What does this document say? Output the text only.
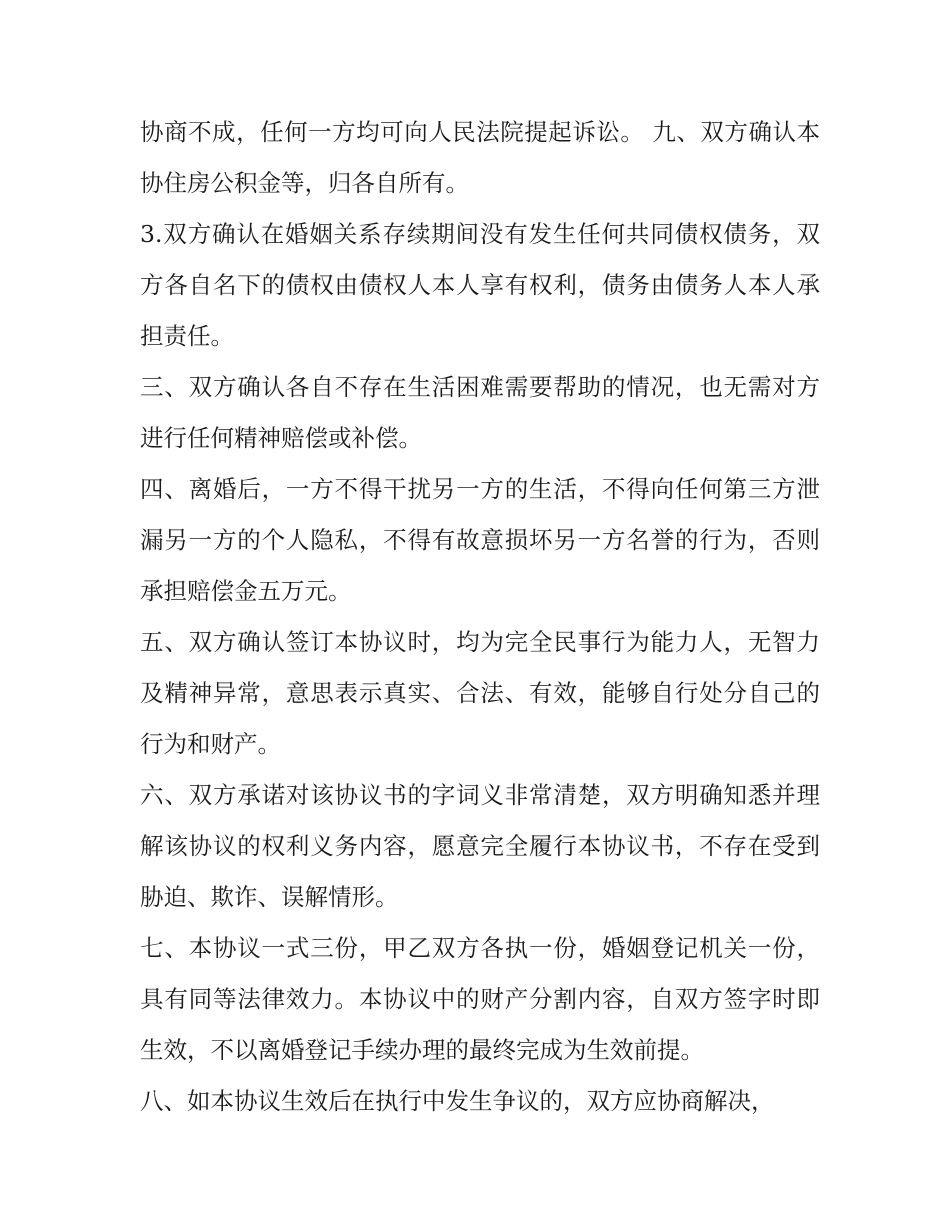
协商不成，任何一方均可向人民法院提起诉讼。 九、双方确认本协住房公积金等，归各自所有。

3.双方确认在婚姻关系存续期间没有发生任何共同债权债务，双方各自名下的债权由债权人本人享有权利，债务由债务人本人承担责任。

三、双方确认各自不存在生活困难需要帮助的情况，也无需对方进行任何精神赔偿或补偿。

四、离婚后，一方不得干扰另一方的生活，不得向任何第三方泄漏另一方的个人隐私，不得有故意损坏另一方名誉的行为，否则承担赔偿金五万元。

五、双方确认签订本协议时，均为完全民事行为能力人，无智力及精神异常，意思表示真实、合法、有效，能够自行处分自己的行为和财产。

六、双方承诺对该协议书的字词义非常清楚，双方明确知悉并理解该协议的权利义务内容，愿意完全履行本协议书，不存在受到胁迫、欺诈、误解情形。

七、本协议一式三份，甲乙双方各执一份，婚姻登记机关一份，具有同等法律效力。本协议中的财产分割内容，自双方签字时即生效，不以离婚登记手续办理的最终完成为生效前提。

八、如本协议生效后在执行中发生争议的，双方应协商解决，
